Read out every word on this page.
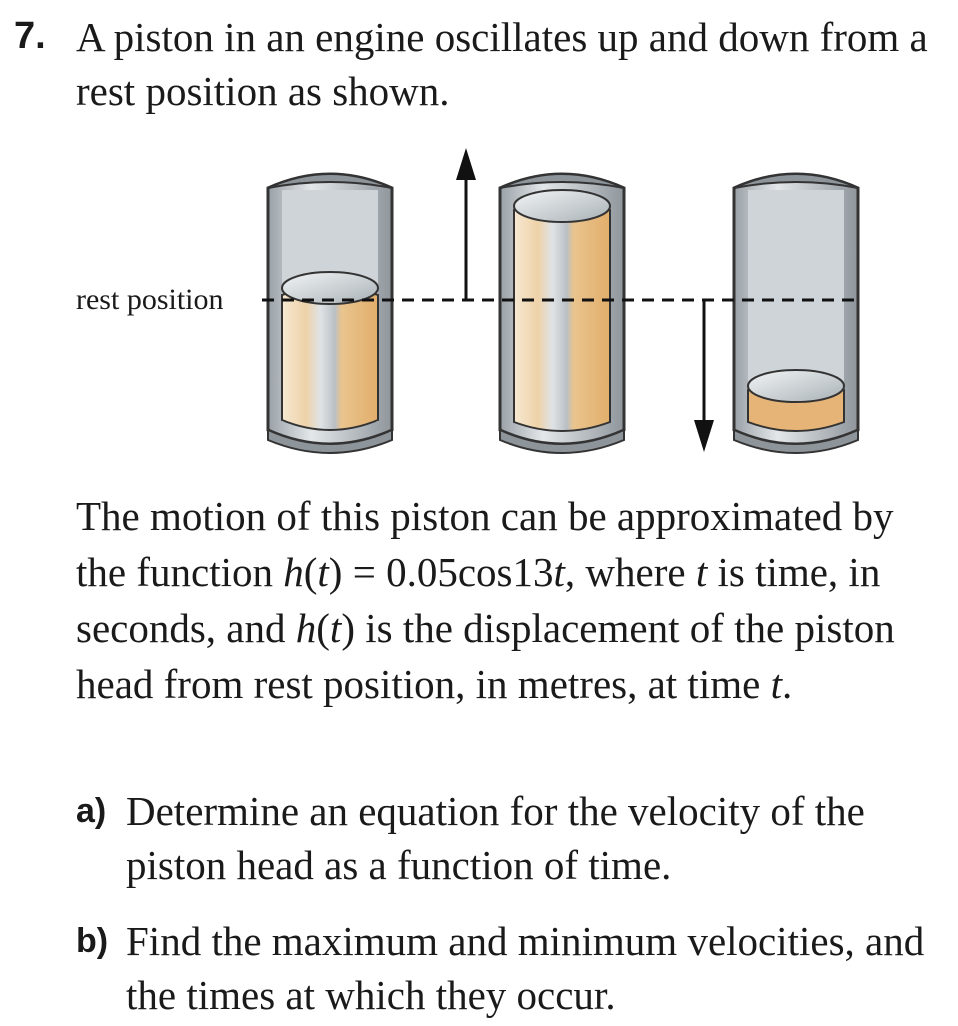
7. A piston in an engine oscillates up and down from a rest position as shown.

rest position

The motion of this piston can be approximated by the function h(t) = 0.05cos13t, where t is time, in seconds, and h(t) is the displacement of the piston head from rest position, in metres, at time t.

a) Determine an equation for the velocity of the piston head as a function of time.

b) Find the maximum and minimum velocities, and the times at which they occur.
